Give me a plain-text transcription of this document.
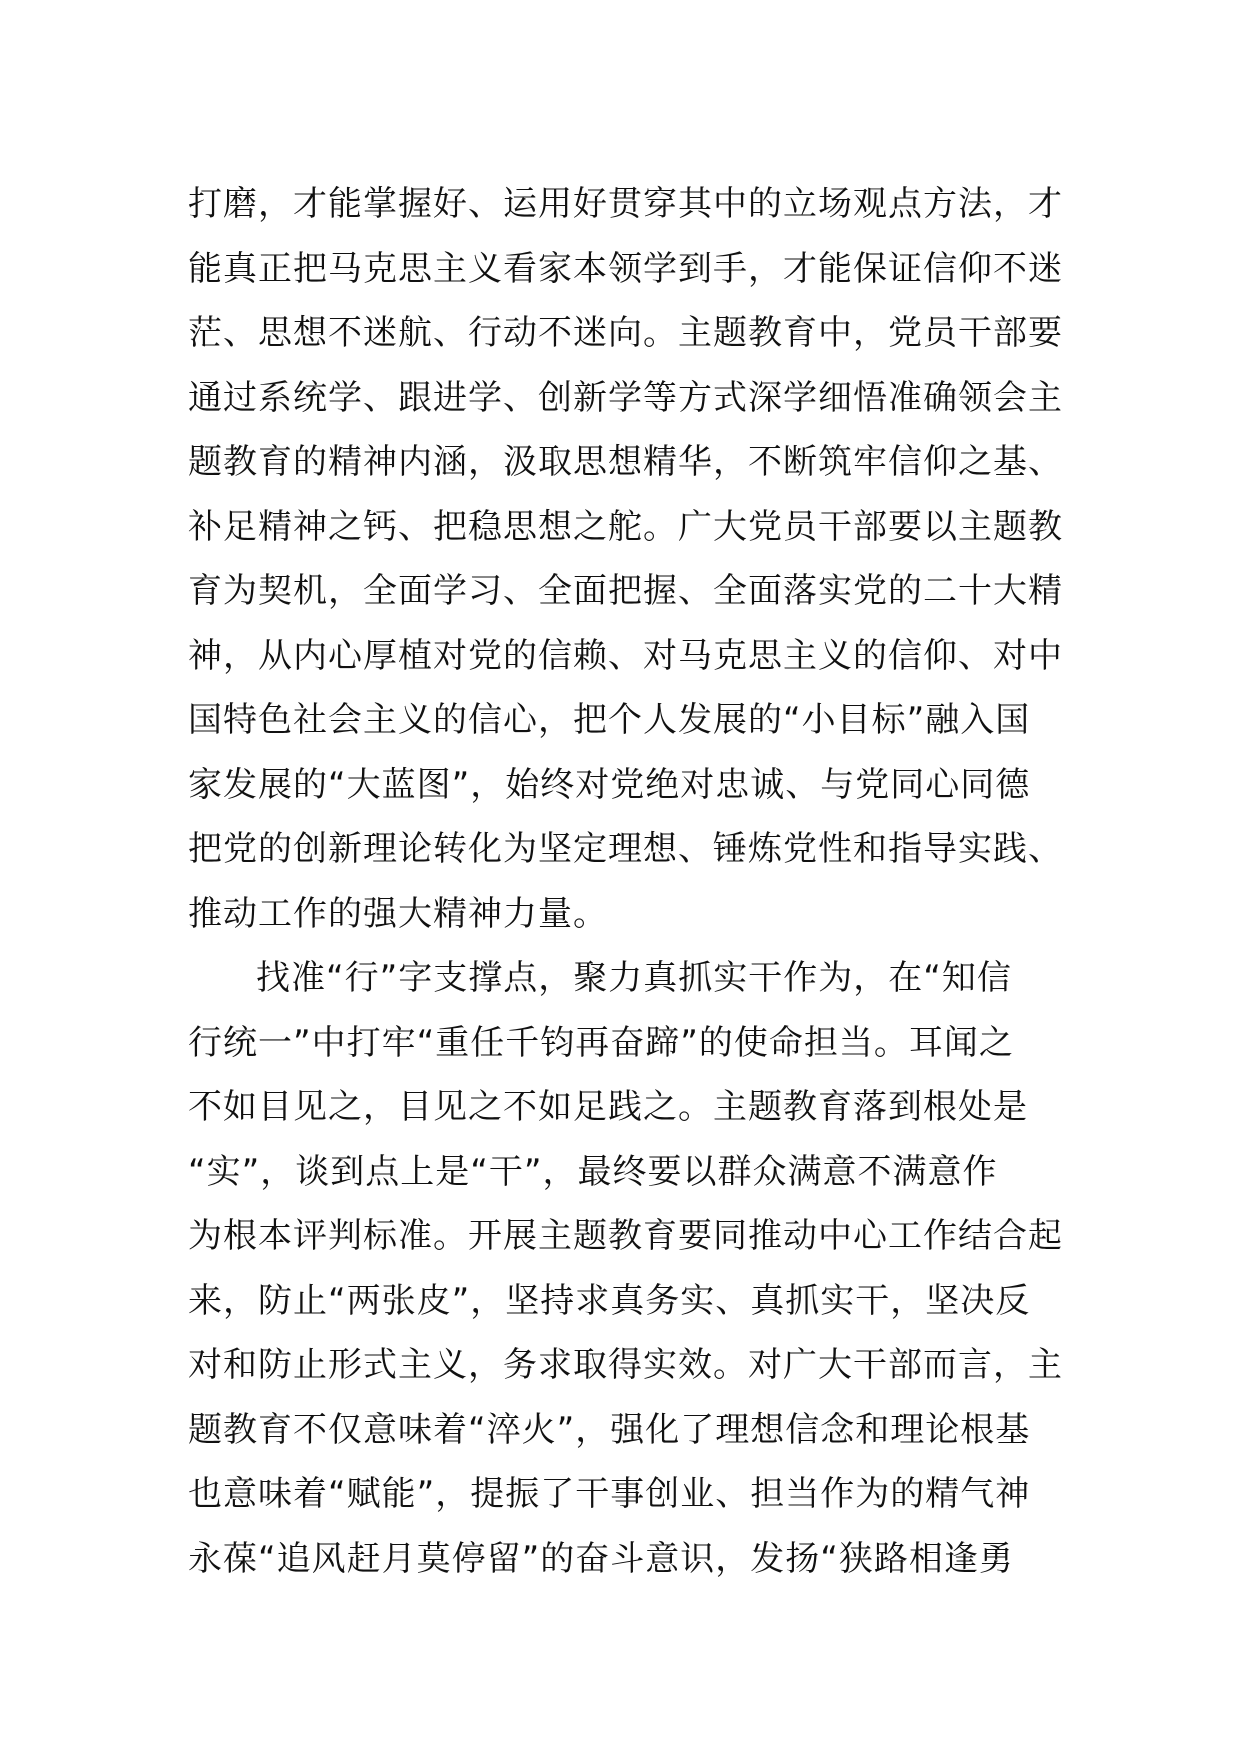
打磨，才能掌握好、运用好贯穿其中的立场观点方法，才
能真正把马克思主义看家本领学到手，才能保证信仰不迷
茫、思想不迷航、行动不迷向。主题教育中，党员干部要
通过系统学、跟进学、创新学等方式深学细悟准确领会主
题教育的精神内涵，汲取思想精华，不断筑牢信仰之基、
补足精神之钙、把稳思想之舵。广大党员干部要以主题教
育为契机，全面学习、全面把握、全面落实党的二十大精
神，从内心厚植对党的信赖、对马克思主义的信仰、对中
国特色社会主义的信心，把个人发展的“小目标”融入国
家发展的“大蓝图”，始终对党绝对忠诚、与党同心同德
把党的创新理论转化为坚定理想、锤炼党性和指导实践、
推动工作的强大精神力量。
找准“行”字支撑点，聚力真抓实干作为，在“知信
行统一”中打牢“重任千钧再奋蹄”的使命担当。耳闻之
不如目见之，目见之不如足践之。主题教育落到根处是
“实”，谈到点上是“干”，最终要以群众满意不满意作
为根本评判标准。开展主题教育要同推动中心工作结合起
来，防止“两张皮”，坚持求真务实、真抓实干，坚决反
对和防止形式主义，务求取得实效。对广大干部而言，主
题教育不仅意味着“淬火”，强化了理想信念和理论根基
也意味着“赋能”，提振了干事创业、担当作为的精气神
永葆“追风赶月莫停留”的奋斗意识，发扬“狭路相逢勇
